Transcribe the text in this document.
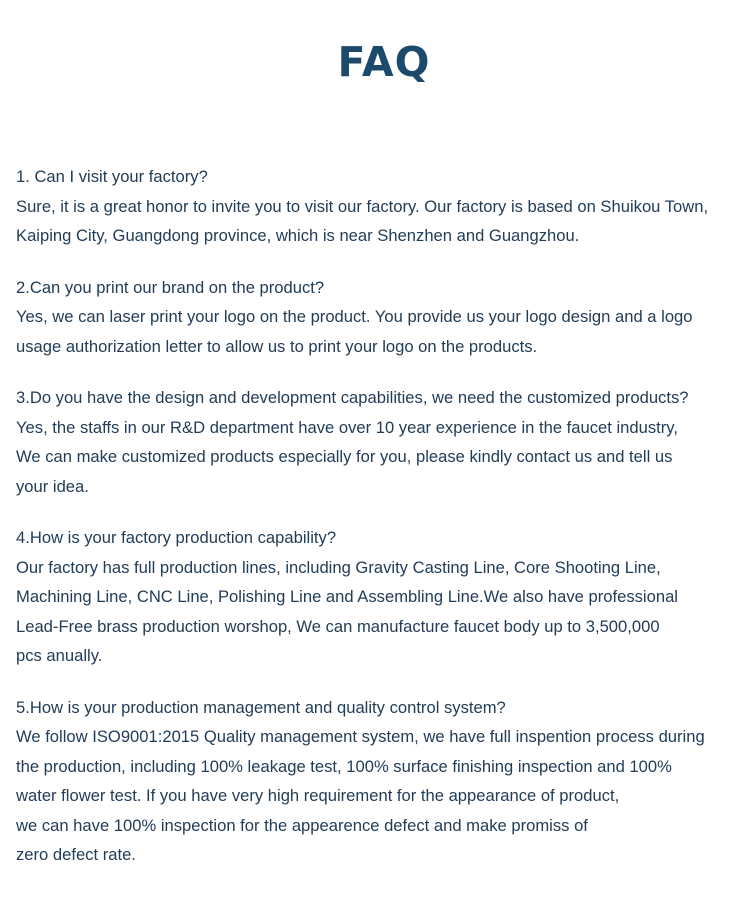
FAQ
1. Can I visit your factory?
Sure, it is a great honor to invite you to visit our factory. Our factory is based on Shuikou Town,
Kaiping City, Guangdong province, which is near Shenzhen and Guangzhou.
2.Can you print our brand on the product?
Yes, we can laser print your logo on the product. You provide us your logo design and a logo
usage authorization letter to allow us to print your logo on the products.
3.Do you have the design and development capabilities, we need the customized products?
Yes, the staffs in our R&D department have over 10 year experience in the faucet industry,
We can make customized products especially for you, please kindly contact us and tell us
your idea.
4.How is your factory production capability?
Our factory has full production lines, including Gravity Casting Line, Core Shooting Line,
Machining Line, CNC Line, Polishing Line and Assembling Line.We also have professional
Lead-Free brass production worshop, We can manufacture faucet body up to 3,500,000
pcs anually.
5.How is your production management and quality control system?
We follow ISO9001:2015 Quality management system, we have full inspention process during
the production, including 100% leakage test, 100% surface finishing inspection and 100%
water flower test. If you have very high requirement for the appearance of product,
we can have 100% inspection for the appearence defect and make promiss of
zero defect rate.
